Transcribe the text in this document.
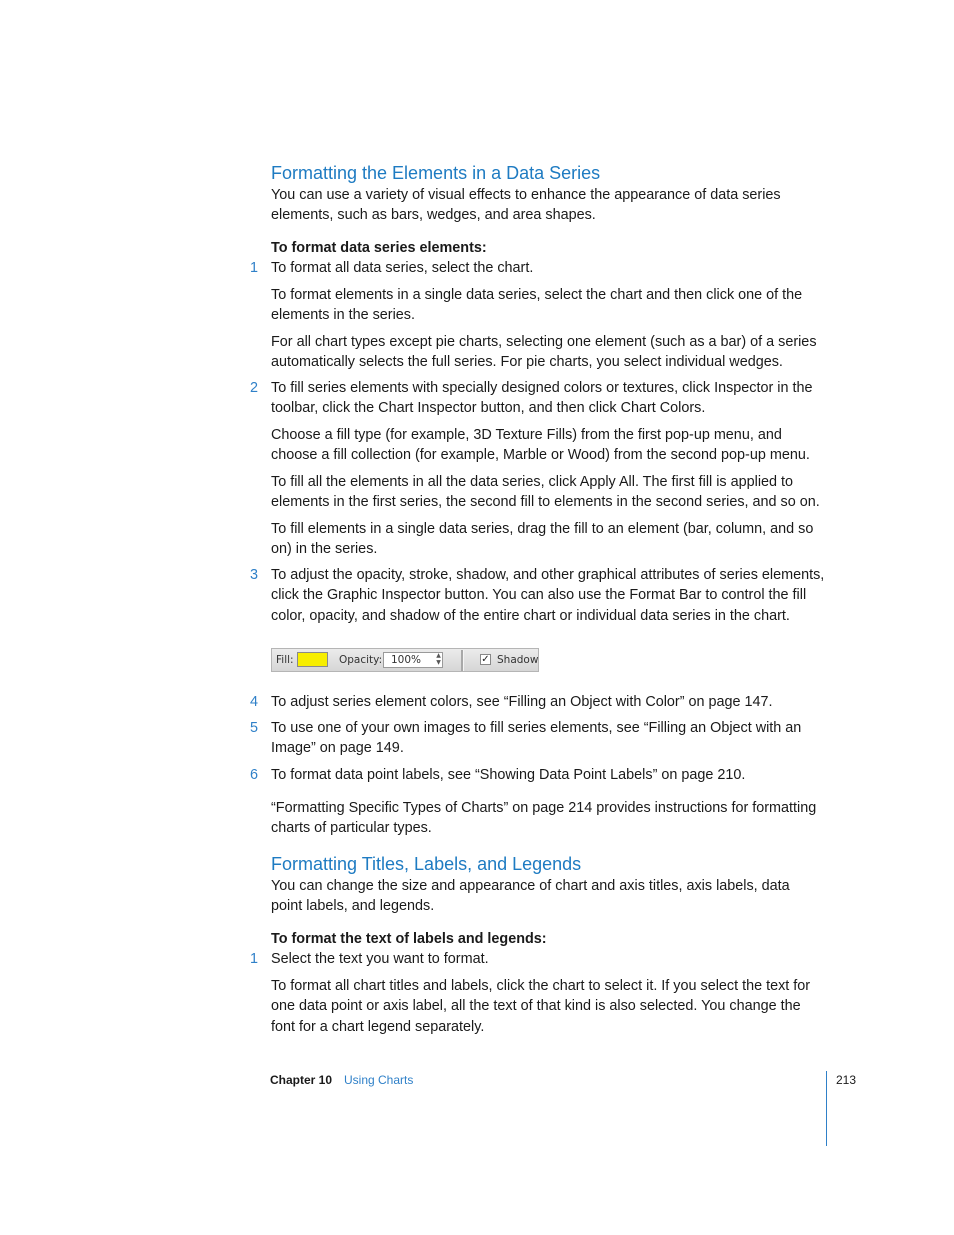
Formatting the Elements in a Data Series

You can use a variety of visual effects to enhance the appearance of data series elements, such as bars, wedges, and area shapes.

To format data series elements:

1 To format all data series, select the chart.

To format elements in a single data series, select the chart and then click one of the elements in the series.

For all chart types except pie charts, selecting one element (such as a bar) of a series automatically selects the full series. For pie charts, you select individual wedges.

2 To fill series elements with specially designed colors or textures, click Inspector in the toolbar, click the Chart Inspector button, and then click Chart Colors.

Choose a fill type (for example, 3D Texture Fills) from the first pop-up menu, and choose a fill collection (for example, Marble or Wood) from the second pop-up menu.

To fill all the elements in all the data series, click Apply All. The first fill is applied to elements in the first series, the second fill to elements in the second series, and so on.

To fill elements in a single data series, drag the fill to an element (bar, column, and so on) in the series.

3 To adjust the opacity, stroke, shadow, and other graphical attributes of series elements, click the Graphic Inspector button. You can also use the Format Bar to control the fill color, opacity, and shadow of the entire chart or individual data series in the chart.

Fill:	Opacity: 100%	▲
▼	✓ Shadow
4 To adjust series element colors, see “Filling an Object with Color” on page 147.

5 To use one of your own images to fill series elements, see “Filling an Object with an Image” on page 149.

6 To format data point labels, see “Showing Data Point Labels” on page 210.

“Formatting Specific Types of Charts” on page 214 provides instructions for formatting charts of particular types.

Formatting Titles, Labels, and Legends

You can change the size and appearance of chart and axis titles, axis labels, data point labels, and legends.

To format the text of labels and legends:

1 Select the text you want to format.

To format all chart titles and labels, click the chart to select it. If you select the text for one data point or axis label, all the text of that kind is also selected. You change the font for a chart legend separately.

Chapter 10 Using Charts	213
